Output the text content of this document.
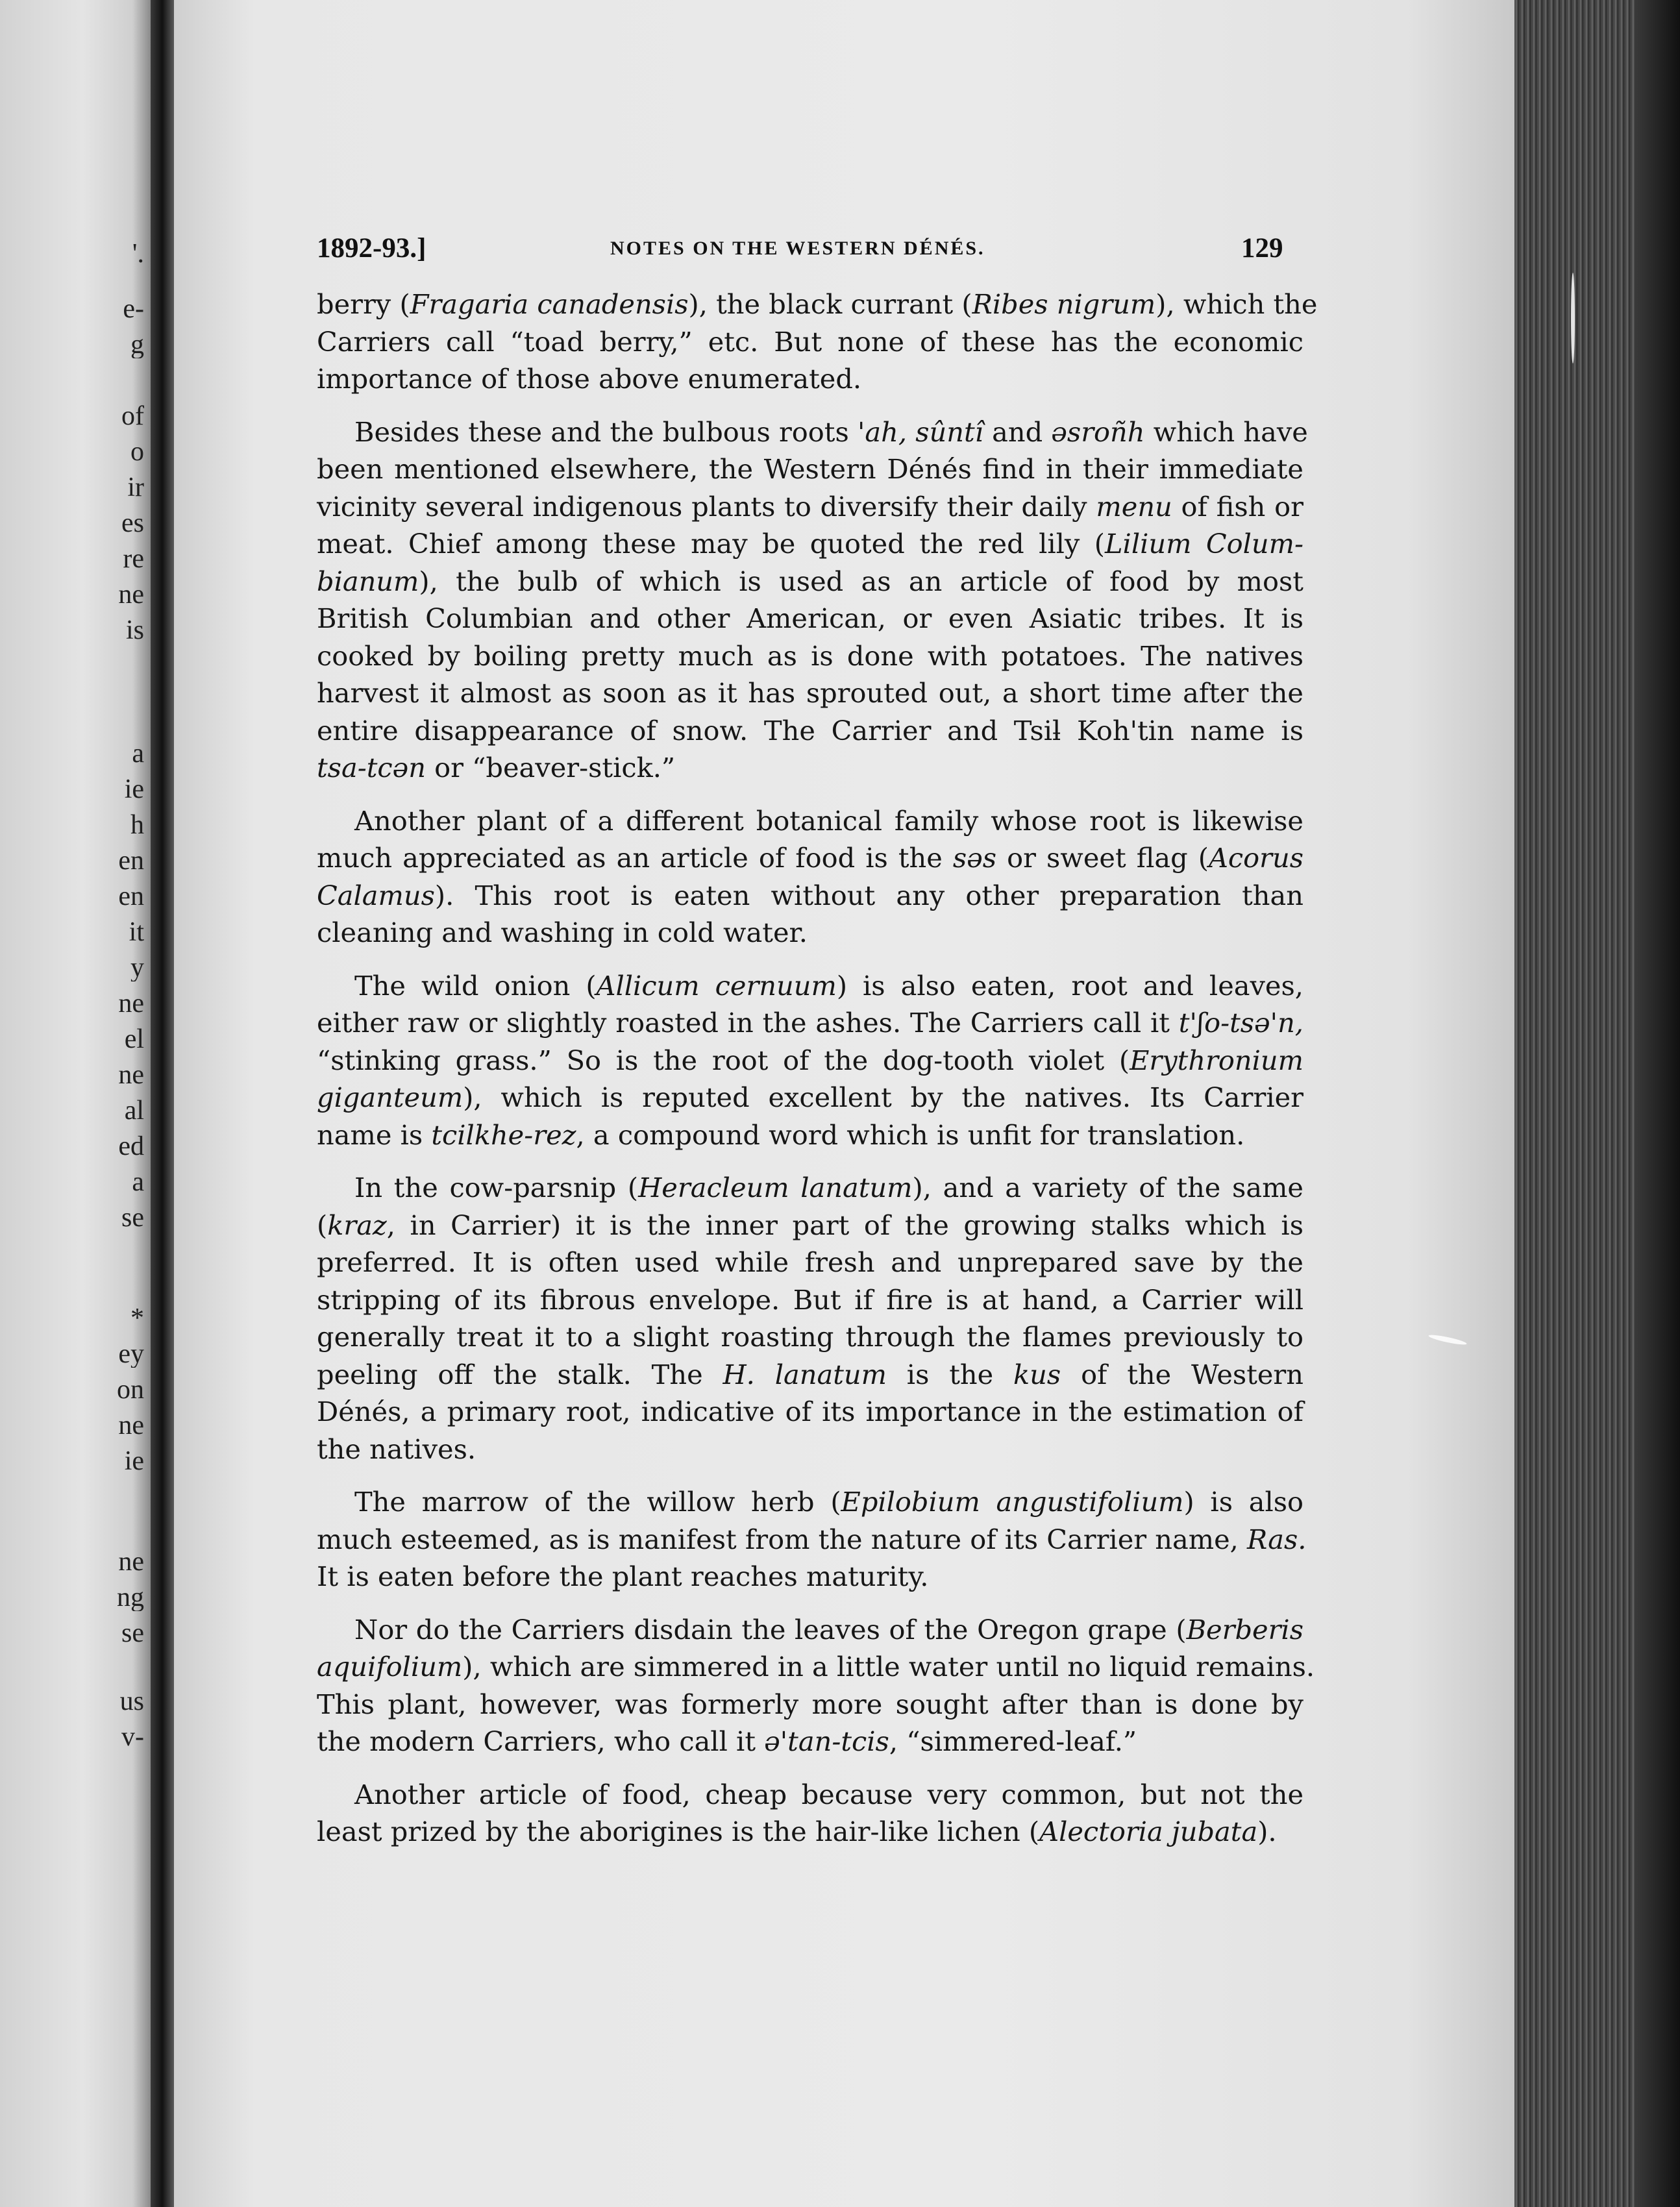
'.
e-
g
of
o
ir
es
re
ne
is
a
ie
h
en
en
it
y
ne
el
ne
al
ed
a
se
*
ey
on
ne
ie
ne
ng
se
us
v-
1892-93.]	NOTES ON THE WESTERN DÉNÉS.	129
berry (Fragaria canadensis), the black currant (Ribes nigrum), which the
Carriers call “toad berry,” etc. But none of these has the economic
importance of those above enumerated.
Besides these and the bulbous roots 'ah, sûntî and əsroñh which have
been mentioned elsewhere, the Western Dénés find in their immediate
vicinity several indigenous plants to diversify their daily menu of fish or
meat. Chief among these may be quoted the red lily (Lilium Colum-
bianum), the bulb of which is used as an article of food by most
British Columbian and other American, or even Asiatic tribes. It is
cooked by boiling pretty much as is done with potatoes. The natives
harvest it almost as soon as it has sprouted out, a short time after the
entire disappearance of snow. The Carrier and Tsiƚ Koh'tin name is
tsa-tcən or “beaver-stick.”
Another plant of a different botanical family whose root is likewise
much appreciated as an article of food is the səs or sweet flag (Acorus
Calamus). This root is eaten without any other preparation than
cleaning and washing in cold water.
The wild onion (Allicum cernuum) is also eaten, root and leaves,
either raw or slightly roasted in the ashes. The Carriers call it t'ʃo-tsə'n,
“stinking grass.” So is the root of the dog-tooth violet (Erythronium
giganteum), which is reputed excellent by the natives. Its Carrier
name is tcilkhe-rez, a compound word which is unfit for translation.
In the cow-parsnip (Heracleum lanatum), and a variety of the same
(kraz, in Carrier) it is the inner part of the growing stalks which is
preferred. It is often used while fresh and unprepared save by the
stripping of its fibrous envelope. But if fire is at hand, a Carrier will
generally treat it to a slight roasting through the flames previously to
peeling off the stalk. The H. lanatum is the kus of the Western
Dénés, a primary root, indicative of its importance in the estimation of
the natives.
The marrow of the willow herb (Epilobium angustifolium) is also
much esteemed, as is manifest from the nature of its Carrier name, Ras.
It is eaten before the plant reaches maturity.
Nor do the Carriers disdain the leaves of the Oregon grape (Berberis
aquifolium), which are simmered in a little water until no liquid remains.
This plant, however, was formerly more sought after than is done by
the modern Carriers, who call it ə'tan-tcis, “simmered-leaf.”
Another article of food, cheap because very common, but not the
least prized by the aborigines is the hair-like lichen (Alectoria jubata).
